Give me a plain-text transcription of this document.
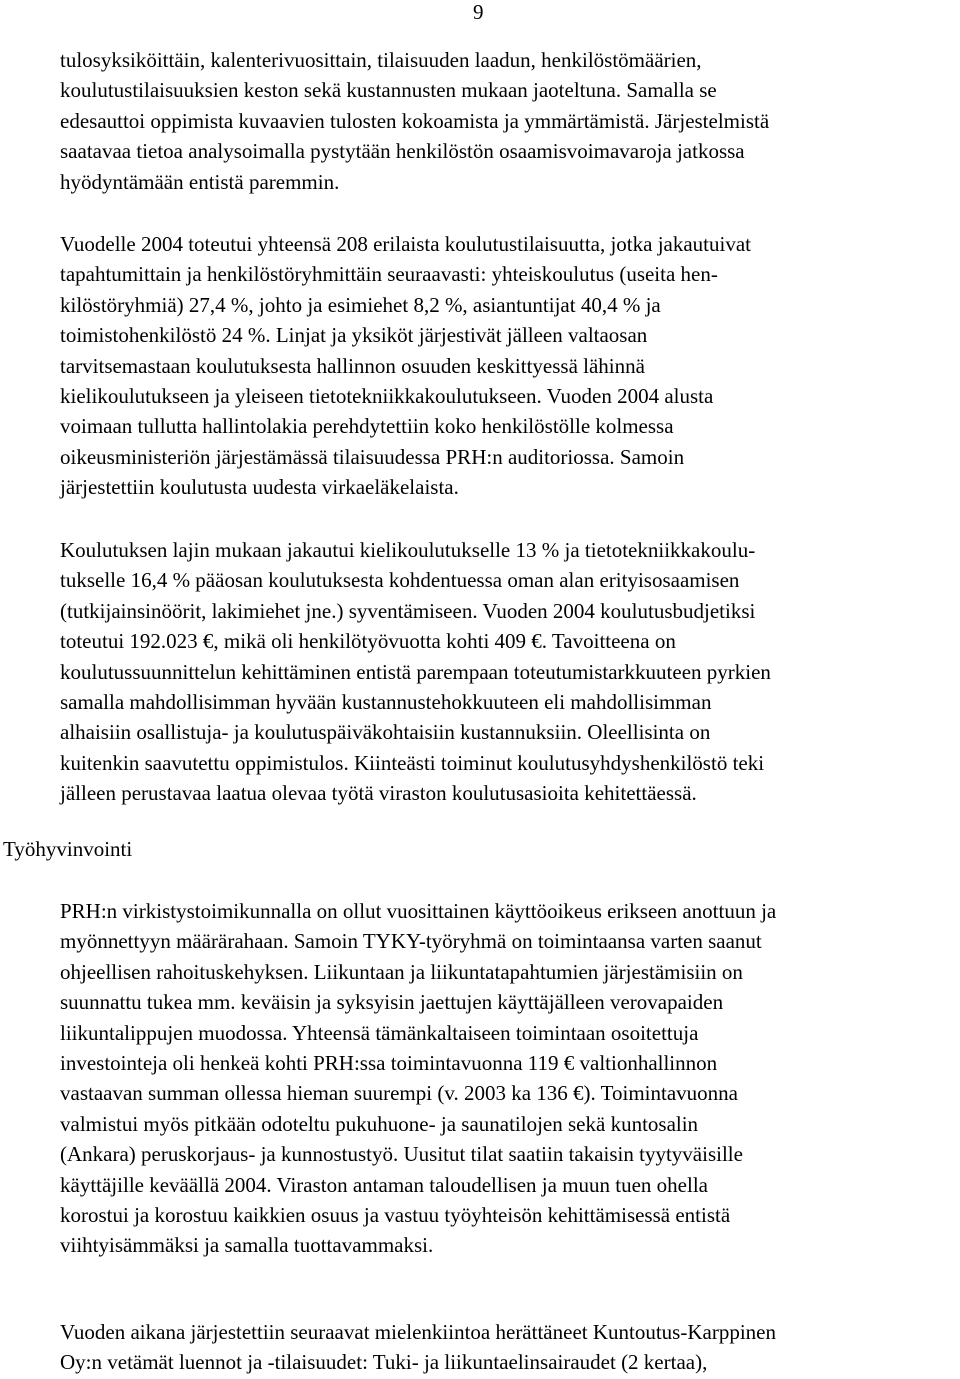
9
tulosyksiköittäin, kalenterivuosittain, tilaisuuden laadun, henkilöstömäärien,
koulutustilaisuuksien keston sekä kustannusten mukaan jaoteltuna. Samalla se
edesauttoi oppimista kuvaavien tulosten kokoamista ja ymmärtämistä. Järjestelmistä
saatavaa tietoa analysoimalla pystytään henkilöstön osaamisvoimavaroja jatkossa
hyödyntämään entistä paremmin.
Vuodelle 2004 toteutui yhteensä 208 erilaista koulutustilaisuutta, jotka jakautuivat
tapahtumittain ja henkilöstöryhmittäin seuraavasti: yhteiskoulutus (useita hen-
kilöstöryhmiä) 27,4 %, johto ja esimiehet 8,2 %, asiantuntijat 40,4 % ja
toimistohenkilöstö 24 %. Linjat ja yksiköt järjestivät jälleen valtaosan
tarvitsemastaan koulutuksesta hallinnon osuuden keskittyessä lähinnä
kielikoulutukseen ja yleiseen tietotekniikkakoulutukseen. Vuoden 2004 alusta
voimaan tullutta hallintolakia perehdytettiin koko henkilöstölle kolmessa
oikeusministeriön järjestämässä tilaisuudessa PRH:n auditoriossa. Samoin
järjestettiin koulutusta uudesta virkaeläkelaista.
Koulutuksen lajin mukaan jakautui kielikoulutukselle 13 % ja tietotekniikkakoulu-
tukselle 16,4 % pääosan koulutuksesta kohdentuessa oman alan erityisosaamisen
(tutkijainsinöörit, lakimiehet jne.) syventämiseen. Vuoden 2004 koulutusbudjetiksi
toteutui 192.023 €, mikä oli henkilötyövuotta kohti 409 €. Tavoitteena on
koulutussuunnittelun kehittäminen entistä parempaan toteutumistarkkuuteen pyrkien
samalla mahdollisimman hyvään kustannustehokkuuteen eli mahdollisimman
alhaisiin osallistuja- ja koulutuspäiväkohtaisiin kustannuksiin. Oleellisinta on
kuitenkin saavutettu oppimistulos. Kiinteästi toiminut koulutusyhdyshenkilöstö teki
jälleen perustavaa laatua olevaa työtä viraston koulutusasioita kehitettäessä.
Työhyvinvointi
PRH:n virkistystoimikunnalla on ollut vuosittainen käyttöoikeus erikseen anottuun ja
myönnettyyn määrärahaan. Samoin TYKY-työryhmä on toimintaansa varten saanut
ohjeellisen rahoituskehyksen. Liikuntaan ja liikuntatapahtumien järjestämisiin on
suunnattu tukea mm. keväisin ja syksyisin jaettujen käyttäjälleen verovapaiden
liikuntalippujen muodossa. Yhteensä tämänkaltaiseen toimintaan osoitettuja
investointeja oli henkeä kohti PRH:ssa toimintavuonna 119 € valtionhallinnon
vastaavan summan ollessa hieman suurempi (v. 2003 ka 136 €). Toimintavuonna
valmistui myös pitkään odoteltu pukuhuone- ja saunatilojen sekä kuntosalin
(Ankara) peruskorjaus- ja kunnostustyö. Uusitut tilat saatiin takaisin tyytyväisille
käyttäjille keväällä 2004. Viraston antaman taloudellisen ja muun tuen ohella
korostui ja korostuu kaikkien osuus ja vastuu työyhteisön kehittämisessä entistä
viihtyisämmäksi ja samalla tuottavammaksi.
Vuoden aikana järjestettiin seuraavat mielenkiintoa herättäneet Kuntoutus-Karppinen
Oy:n vetämät luennot ja -tilaisuudet: Tuki- ja liikuntaelinsairaudet (2 kertaa),
